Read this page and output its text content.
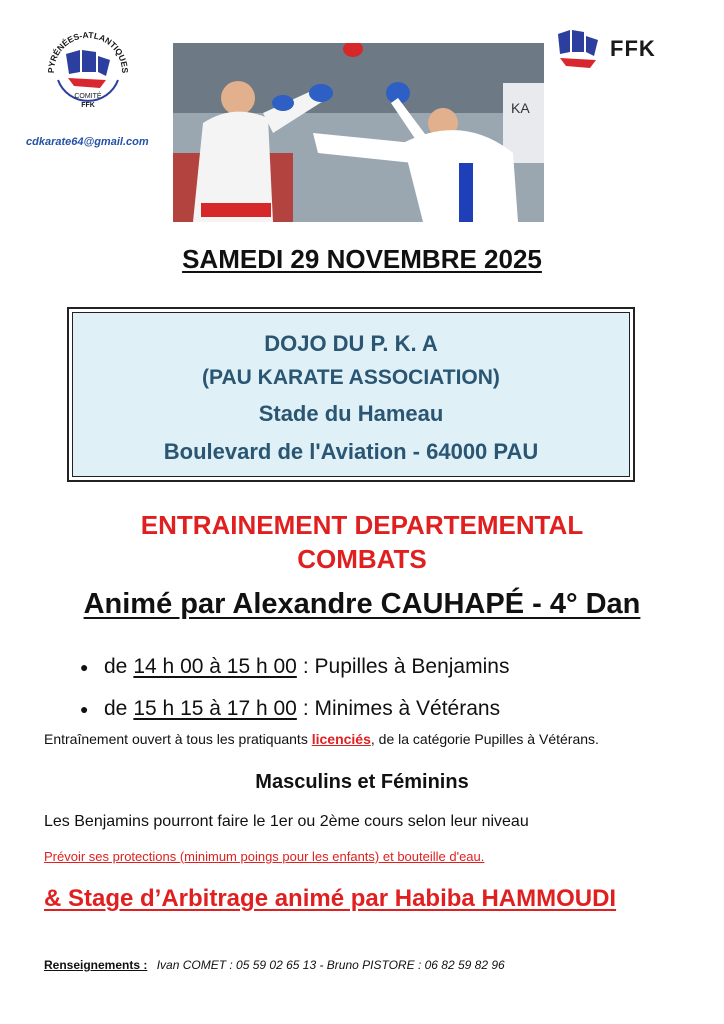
PYRÉNÉES-ATLANTIQUES
COMITÉ
FFK
cdkarate64@gmail.com
KA
FFK
SAMEDI 29 NOVEMBRE 2025
DOJO DU P. K. A
(PAU KARATE ASSOCIATION)
Stade du Hameau
Boulevard de l'Aviation - 64000 PAU
ENTRAINEMENT DEPARTEMENTAL
COMBATS
Animé par Alexandre CAUHAPÉ - 4° Dan
● de 14 h 00 à 15 h 00 : Pupilles à Benjamins
● de 15 h 15 à 17 h 00 : Minimes à Vétérans
Entraînement ouvert à tous les pratiquants licenciés, de la catégorie Pupilles à Vétérans.
Masculins et Féminins
Les Benjamins pourront faire le 1er ou 2ème cours selon leur niveau
Prévoir ses protections (minimum poings pour les enfants) et bouteille d'eau.
& Stage d’Arbitrage animé par Habiba HAMMOUDI
Renseignements : Ivan COMET : 05 59 02 65 13 - Bruno PISTORE : 06 82 59 82 96
